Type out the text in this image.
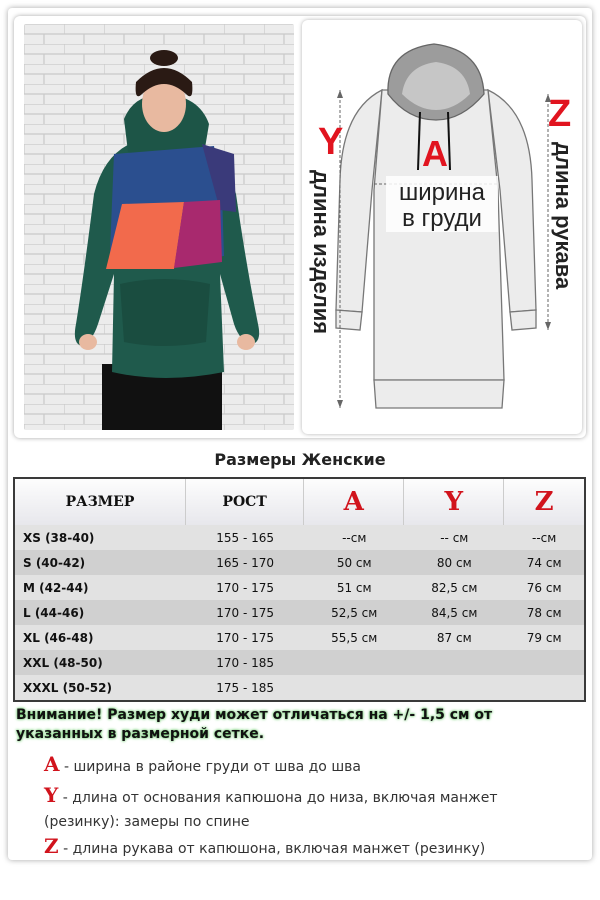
Y A
Z
ширина
в груди
длина изделия	длина рукава
Размеры Женские
РАЗМЕР	РОСТ	A	Y	Z
XS (38-40)	155 - 165	--см	-- см	--см
S (40-42)	165 - 170	50 см	80 см	74 см
M (42-44)	170 - 175	51 см	82,5 см	76 см
L (44-46)	170 - 175	52,5 см	84,5 см	78 см
XL (46-48)	170 - 175	55,5 см	87 см	79 см
XXL (48-50)	170 - 185			
XXXL (50-52)	175 - 185			
Внимание! Размер худи может отличаться на +/- 1,5 см от указанных в размерной сетке.

A - ширина в районе груди от шва до шва

Y - длина от основания капюшона до низа, включая манжет (резинку): замеры по спине

Z - длина рукава от капюшона, включая манжет (резинку)
